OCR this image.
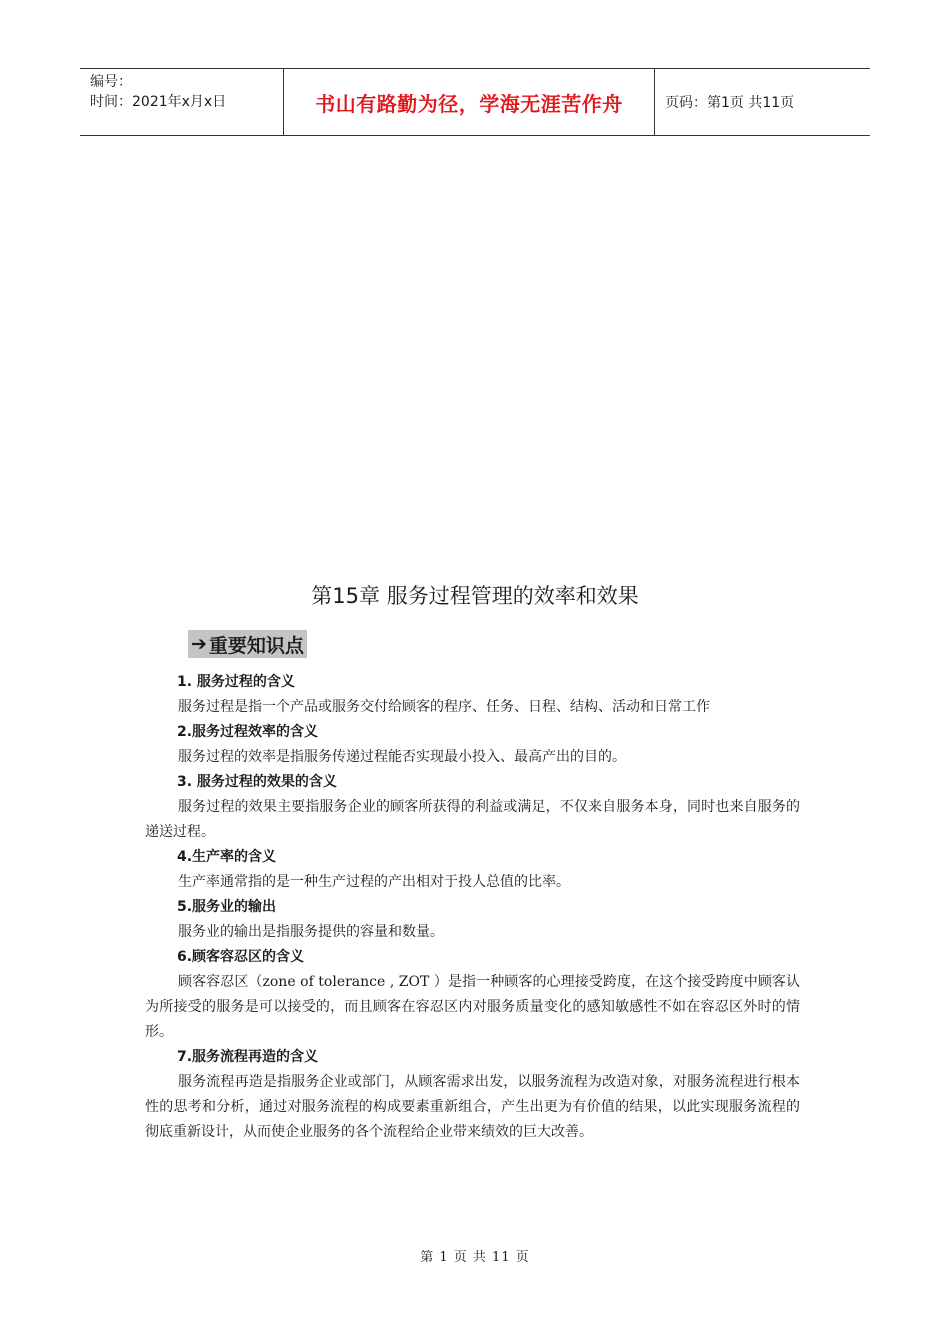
编号：
时间：2021年x月x日	书山有路勤为径，学海无涯苦作舟	页码：第1页 共11页
第15章 服务过程管理的效率和效果
➔ 重要知识点
1. 服务过程的含义
服务过程是指一个产品或服务交付给顾客的程序、任务、日程、结构、活动和日常工作
2.服务过程效率的含义
服务过程的效率是指服务传递过程能否实现最小投入、最高产出的目的。
3. 服务过程的效果的含义
服务过程的效果主要指服务企业的顾客所获得的利益或满足，不仅来自服务本身，同时也来自服务的递送过程。
4.生产率的含义
生产率通常指的是一种生产过程的产出相对于投人总值的比率。
5.服务业的输出
服务业的输出是指服务提供的容量和数量。
6.顾客容忍区的含义
顾客容忍区（zone of tolerance , ZOT ）是指一种顾客的心理接受跨度，在这个接受跨度中顾客认为所接受的服务是可以接受的，而且顾客在容忍区内对服务质量变化的感知敏感性不如在容忍区外时的情形。
7.服务流程再造的含义
服务流程再造是指服务企业或部门，从顾客需求出发，以服务流程为改造对象，对服务流程进行根本性的思考和分析，通过对服务流程的构成要素重新组合，产生出更为有价值的结果，以此实现服务流程的彻底重新设计，从而使企业服务的各个流程给企业带来绩效的巨大改善。
第 1 页 共 11 页
